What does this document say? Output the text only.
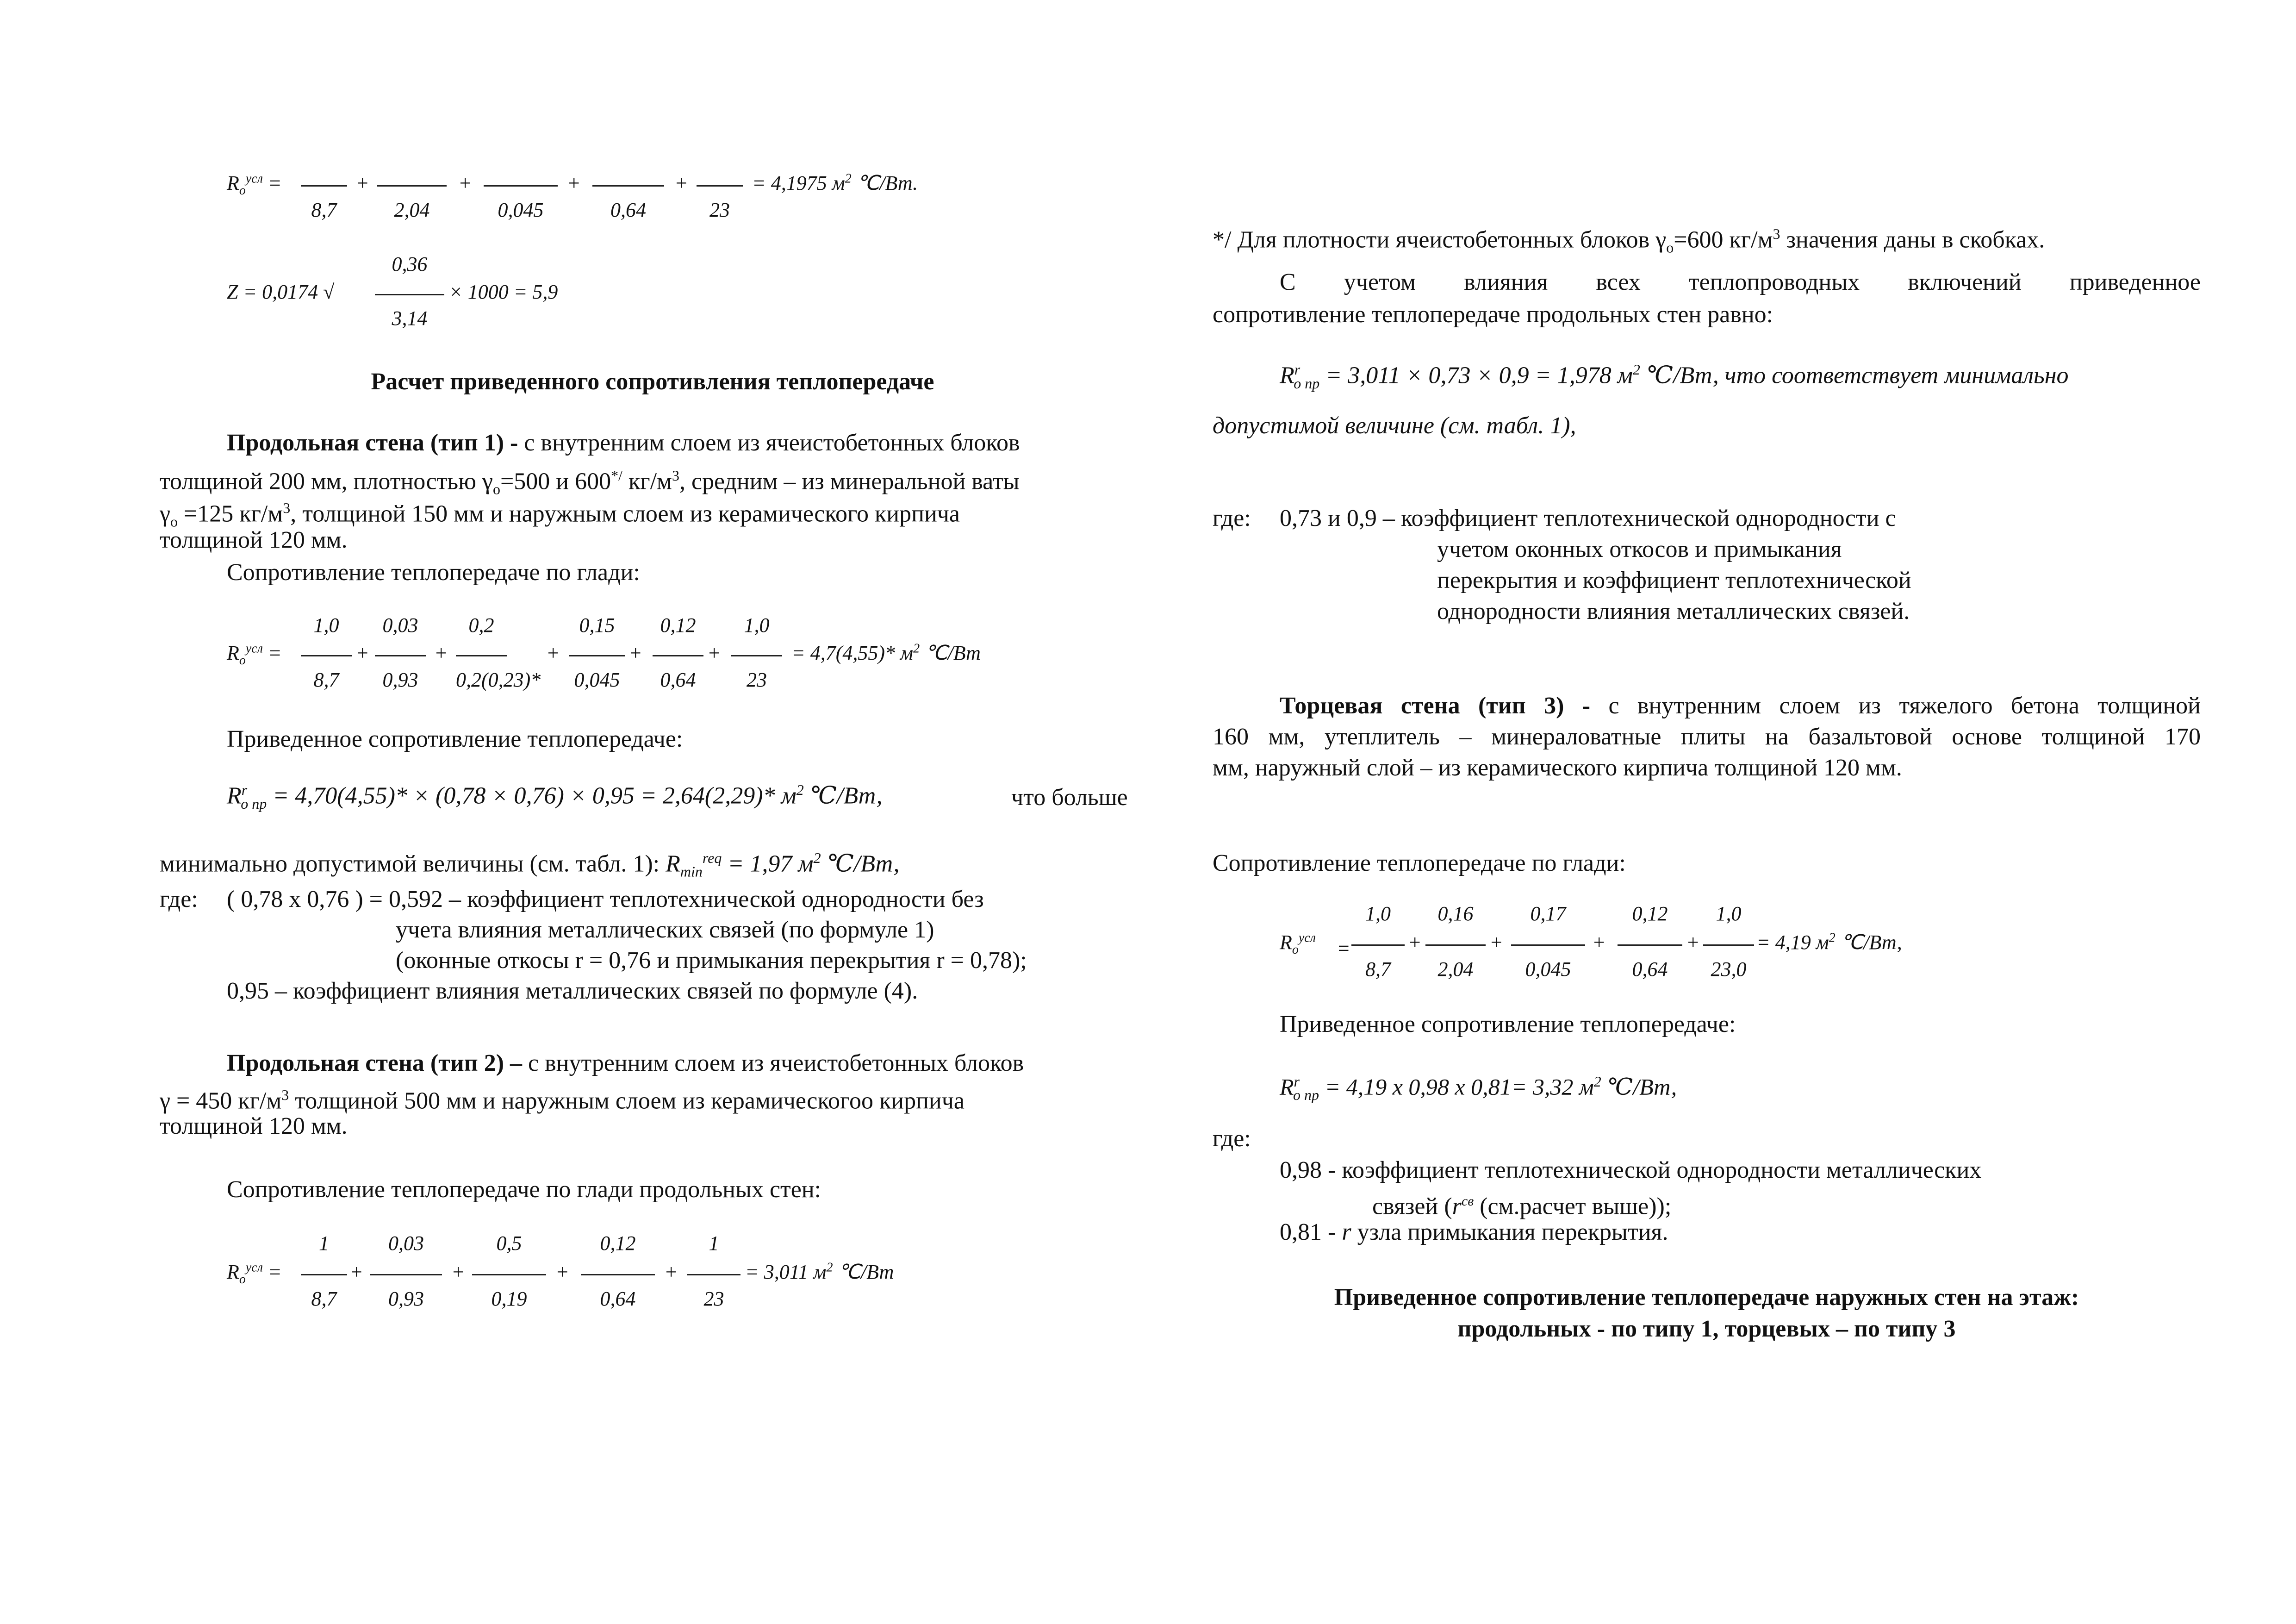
$R_o^{усл}$ =	+	+	+	+
8,7	2,04	0,045	0,64	23
= 4,1975 $м^2$ ℃/Вт.
Z = 0,0174 √
0,36
3,14
× 1000 = 5,9
Расчет приведенного сопротивления теплопередаче
Продольная стена (тип 1) - с внутренним слоем из ячеистобетонных блоков
толщиной 200 мм, плотностью $\gamma_о=500$ и 600*/ $кг/м^3$, средним – из минеральной ваты
$\gamma_о =125$ $кг/м^3$, толщиной 150 мм и наружным слоем из керамического кирпича
толщиной 120 мм.
Сопротивление теплопередаче по глади:
$R_o^{усл}$ =
1,0	0,03	0,2	0,15	0,12	1,0
+	+	+	+	+
8,7	0,93	0,2(0,23)* 0,045	0,64	23
= 4,7(4,55)* $м^2$ ℃/Вт
Приведенное сопротивление теплопередаче:
$R^r_{o пр} = 4,70(4,55)* \times (0,78 \times 0,76) \times 0,95 = 2,64(2,29)*$ $м^2$ ℃/Вт,	что больше
минимально допустимой величины (см. табл. 1): $R_{min}^{req} = 1,97$ $м^2$ ℃/Вт,
где: ( 0,78 х 0,76 ) = 0,592 – коэффициент теплотехнической однородности без
учета влияния металлических связей (по формуле 1)
(оконные откосы r = 0,76 и примыкания перекрытия r = 0,78);
0,95 – коэффициент влияния металлических связей по формуле (4).
Продольная стена (тип 2) – с внутренним слоем из ячеистобетонных блоков
γ = 450 $кг/м^3$ толщиной 500 мм и наружным слоем из керамическогоо кирпича
толщиной 120 мм.
Сопротивление теплопередаче по глади продольных стен:
$R_o^{усл}$ =
1	0,03	0,5	0,12	1
+	+	+	+
8,7	0,93	0,19	0,64	23
= 3,011 $м^2$ ℃/Вт
*/ Для плотности ячеистобетонных блоков $\gamma_о=600$ $кг/м^3$ значения даны в скобках.
С учетом влияния всех теплопроводных включений приведенное
сопротивление теплопередаче продольных стен равно:
$R^r_{o пр} = 3,011 \times 0,73 \times 0,9 = 1,978$ $м^2$ ℃/Вт, что соответствует минимально
допустимой величине (см. табл. 1),
где: 0,73 и 0,9 – коэффициент теплотехнической однородности с
учетом оконных откосов и примыкания
перекрытия и коэффициент теплотехнической
однородности влияния металлических связей.
Торцевая стена (тип 3) - с внутренним слоем из тяжелого бетона толщиной
160 мм, утеплитель – минераловатные плиты на базальтовой основе толщиной 170
мм, наружный слой – из керамического кирпича толщиной 120 мм.
Сопротивление теплопередаче по глади:
$R_o^{усл}$ =
1,0	0,16	0,17	0,12	1,0
+	+	+	+
8,7	2,04	0,045	0,64	23,0
= 4,19 $м^2$ ℃/Вт,
Приведенное сопротивление теплопередаче:
$R^r_{o пр} = 4,19$ х 0,98 х 0,81= 3,32 $м^2$ ℃/Вт,
где:
0,98 - коэффициент теплотехнической однородности металлических
связей ($r^{св}$ (см.расчет выше));
0,81 - r узла примыкания перекрытия.
Приведенное сопротивление теплопередаче наружных стен на этаж:
продольных - по типу 1, торцевых – по типу 3
